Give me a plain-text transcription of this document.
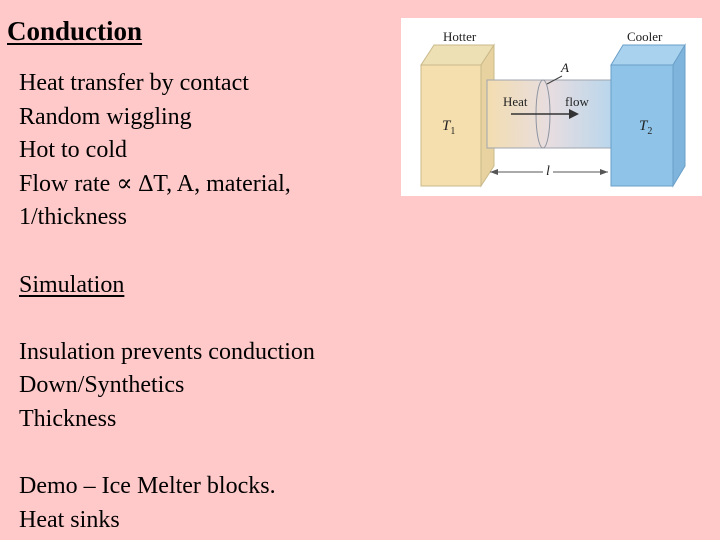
Conduction
Heat transfer by contact
Random wiggling
Hot to cold
Flow rate ∝ ∆T, A, material,
1/thickness
Simulation
Insulation prevents conduction
Down/Synthetics
Thickness
Demo – Ice Melter blocks.
Heat sinks
Hotter	Cooler
A
Heat	flow
$T_1$	$T_2$
l
